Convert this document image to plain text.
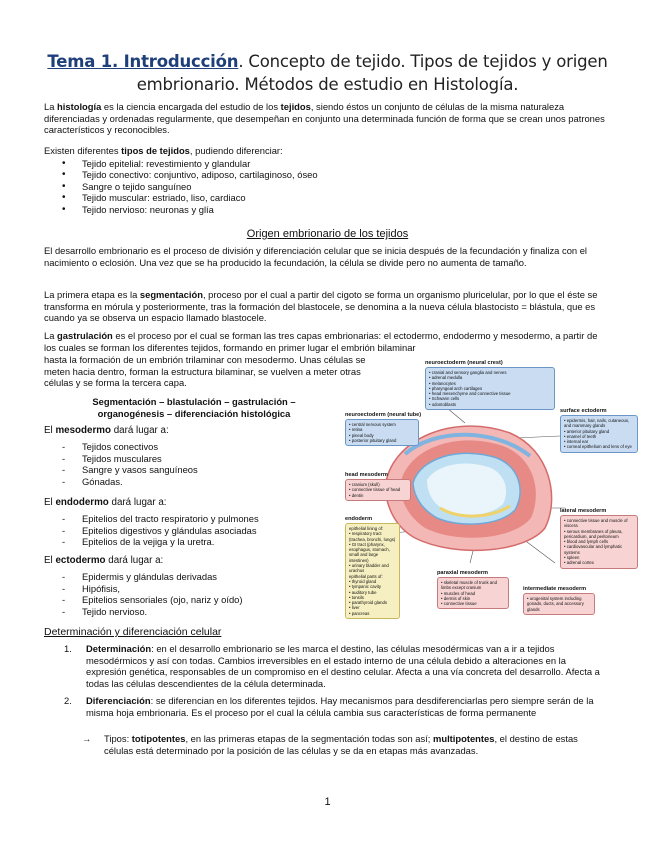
Tema 1. Introducción. Concepto de tejido. Tipos de tejidos y origen embrionario. Métodos de estudio en Histología.

La histología es la ciencia encargada del estudio de los tejidos, siendo éstos un conjunto de células de la misma naturaleza diferenciadas y ordenadas regularmente, que desempeñan en conjunto una determinada función de forma que se crean unos patrones característicos y reconocibles.

Existen diferentes tipos de tejidos, pudiendo diferenciar:

• Tejido epitelial: revestimiento y glandular
• Tejido conectivo: conjuntivo, adiposo, cartilaginoso, óseo
• Sangre o tejido sanguíneo
• Tejido muscular: estriado, liso, cardiaco
• Tejido nervioso: neuronas y glía
Origen embrionario de los tejidos
El desarrollo embrionario es el proceso de división y diferenciación celular que se inicia después de la fecundación y finaliza con el nacimiento o eclosión. Una vez que se ha producido la fecundación, la célula se divide pero no aumenta de tamaño.

La primera etapa es la segmentación, proceso por el cual a partir del cigoto se forma un organismo pluricelular, por lo que el éste se transforma en mórula y posteriormente, tras la formación del blastocele, se denomina a la nueva célula blastocisto = blástula, que es cuando ya se observa un espacio llamado blastocele.

La gastrulación es el proceso por el cual se forman las tres capas embrionarias: el ectodermo, endodermo y mesodermo, a partir de los cuales se forman los diferentes tejidos, formando en primer lugar el embrión bilaminar

hasta la formación de un embrión trilaminar con mesodermo. Unas células se

meten hacia dentro, forman la estructura bilaminar, se vuelven a meter otras

células y se forma la tercera capa.

Segmentación – blastulación – gastrulación –

organogénesis – diferenciación histológica

El mesodermo dará lugar a:
- Tejidos conectivos
- Tejidos musculares
- Sangre y vasos sanguíneos
- Gónadas.
El endodermo dará lugar a:
- Epitelios del tracto respiratorio y pulmones
- Epitelios digestivos y glándulas asociadas
- Epitelios de la vejiga y la uretra.
El ectodermo dará lugar a:
- Epidermis y glándulas derivadas
- Hipófisis,
- Epitelios sensoriales (ojo, nariz y oído)
- Tejido nervioso.
Determinación y diferenciación celular
1. Determinación: en el desarrollo embrionario se les marca el destino, las células mesodérmicas van a ir a tejidos mesodérmicos y así con todas. Cambios irreversibles en el estado interno de una célula debido a alteraciones en la expresión genética, responsables de un compromiso en el destino celular. Afecta a una vía concreta del desarrollo. Afecta a todas las células descendientes de la célula determinada.
2. Diferenciación: se diferencian en los diferentes tejidos. Hay mecanismos para desdiferenciarlas pero siempre serán de la misma hoja embrionaria. Es el proceso por el cual la célula cambia sus características de forma permanente
→ Tipos: totipotentes, en las primeras etapas de la segmentación todas son así; multipotentes, el destino de estas células está determinado por la posición de las células y se da en etapas más avanzadas.
neuroectoderm (neural crest)
• cranial and sensory ganglia and nerves
• adrenal medulla
• melanocytes
• pharyngeal arch cartilages
• head mesenchyme and connective tissue
• Schwann cells
• odontoblasts
neuroectoderm (neural tube)
• central nervous system
• retina
• pineal body
• posterior pituitary gland
surface ectoderm
• epidermis, hair, nails, cutaneous, and mammary glands
• anterior pituitary gland
• enamel of teeth
• internal ear
• corneal epithelium and lens of eye
head mesoderm
• cranium (skull)
• connective tissue of head
• dentin
endoderm
epithelial lining of:
• respiratory tract (trachea, bronchi, lungs)
• GI tract (pharynx, esophagus, stomach, small and large intestines)
• urinary bladder and urachus
epithelial parts of:
• thyroid gland
• tympanic cavity
• auditory tube
• tonsils
• parathyroid glands
• liver
• pancreas
lateral mesoderm
• connective tissue and muscle of viscera
• serous membranes of pleura, pericardium, and peritoneum
• blood and lymph cells
• cardiovascular and lymphatic systems
• spleen
• adrenal cortex
paraxial mesoderm
• skeletal muscle of trunk and limbs except cranium
• muscles of head
• dermis of skin
• connective tissue
intermediate mesoderm
• urogenital system including gonads, ducts, and accessory glands
1
